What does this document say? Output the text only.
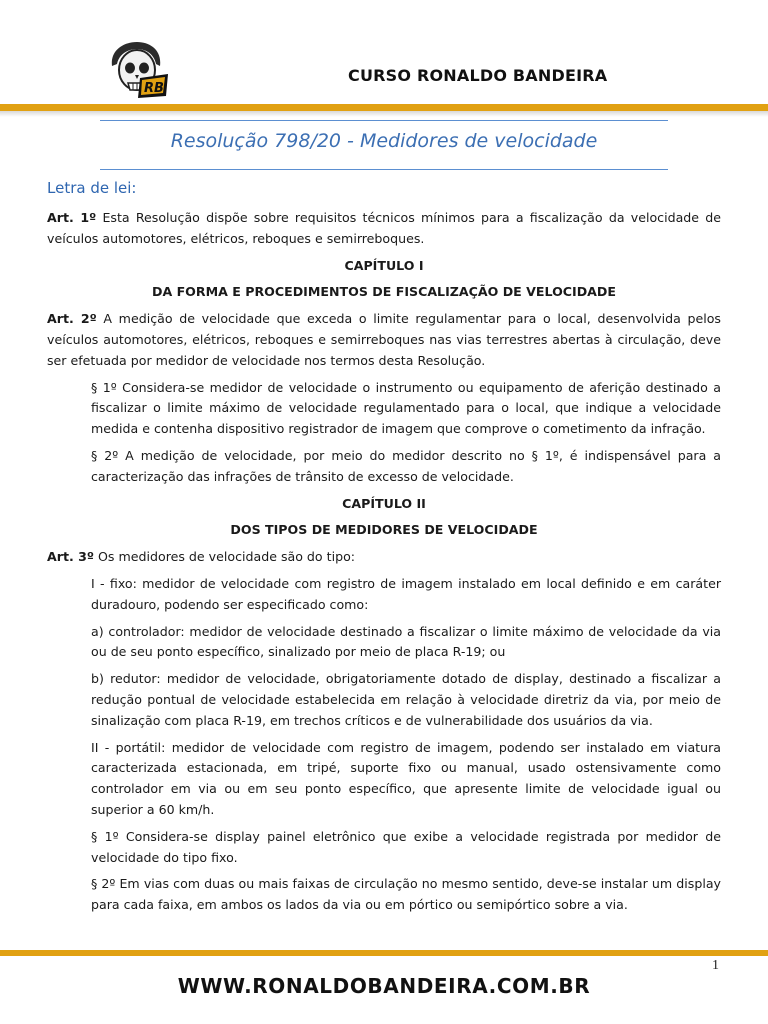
RB
CURSO RONALDO BANDEIRA
Resolução 798/20 - Medidores de velocidade
Letra de lei:

Art. 1º Esta Resolução dispõe sobre requisitos técnicos mínimos para a fiscalização da velocidade de veículos automotores, elétricos, reboques e semirreboques.

CAPÍTULO I

DA FORMA E PROCEDIMENTOS DE FISCALIZAÇÃO DE VELOCIDADE

Art. 2º A medição de velocidade que exceda o limite regulamentar para o local, desenvolvida pelos veículos automotores, elétricos, reboques e semirreboques nas vias terrestres abertas à circulação, deve ser efetuada por medidor de velocidade nos termos desta Resolução.

§ 1º Considera-se medidor de velocidade o instrumento ou equipamento de aferição destinado a fiscalizar o limite máximo de velocidade regulamentado para o local, que indique a velocidade medida e contenha dispositivo registrador de imagem que comprove o cometimento da infração.

§ 2º A medição de velocidade, por meio do medidor descrito no § 1º, é indispensável para a caracterização das infrações de trânsito de excesso de velocidade.

CAPÍTULO II

DOS TIPOS DE MEDIDORES DE VELOCIDADE

Art. 3º Os medidores de velocidade são do tipo:

I - fixo: medidor de velocidade com registro de imagem instalado em local definido e em caráter duradouro, podendo ser especificado como:

a) controlador: medidor de velocidade destinado a fiscalizar o limite máximo de velocidade da via ou de seu ponto específico, sinalizado por meio de placa R-19; ou

b) redutor: medidor de velocidade, obrigatoriamente dotado de display, destinado a fiscalizar a redução pontual de velocidade estabelecida em relação à velocidade diretriz da via, por meio de sinalização com placa R-19, em trechos críticos e de vulnerabilidade dos usuários da via.

II - portátil: medidor de velocidade com registro de imagem, podendo ser instalado em viatura caracterizada estacionada, em tripé, suporte fixo ou manual, usado ostensivamente como controlador em via ou em seu ponto específico, que apresente limite de velocidade igual ou superior a 60 km/h.

§ 1º Considera-se display painel eletrônico que exibe a velocidade registrada por medidor de velocidade do tipo fixo.

§ 2º Em vias com duas ou mais faixas de circulação no mesmo sentido, deve-se instalar um display para cada faixa, em ambos os lados da via ou em pórtico ou semipórtico sobre a via.

1
WWW.RONALDOBANDEIRA.COM.BR
